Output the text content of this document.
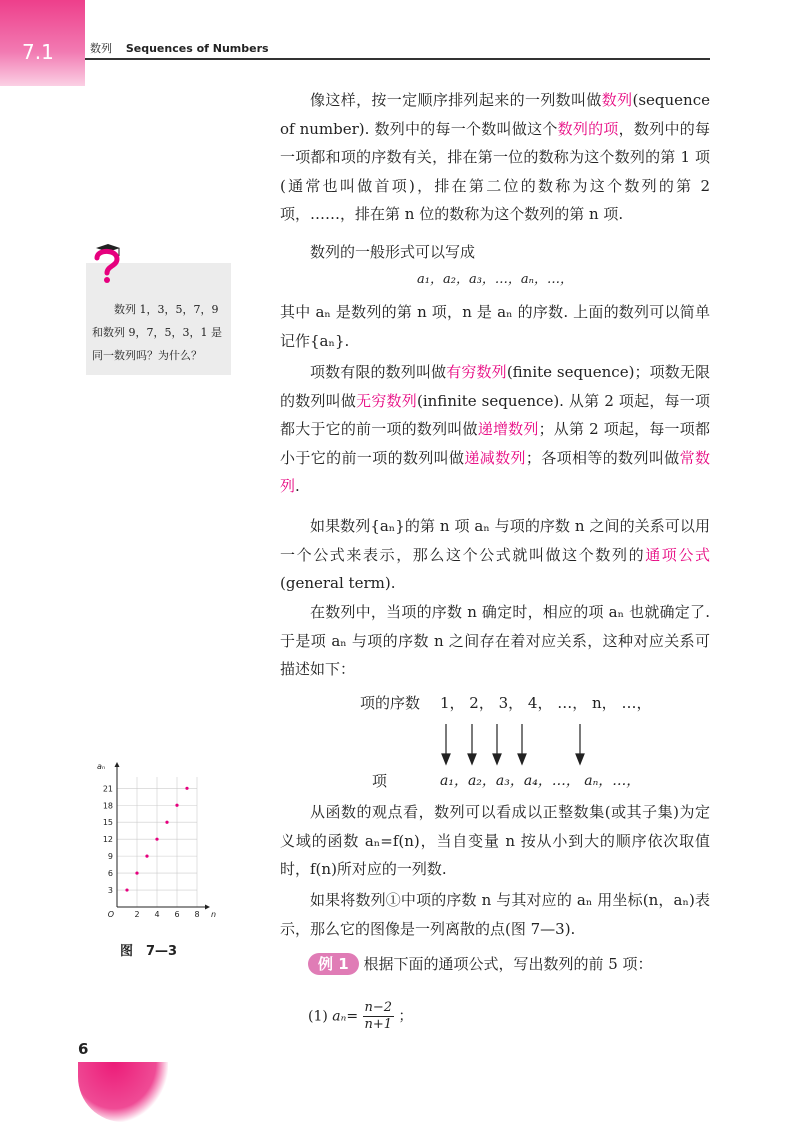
7.1	数列 Sequences of Numbers
像这样，按一定顺序排列起来的一列数叫做数列(sequence of number). 数列中的每一个数叫做这个数列的项，数列中的每一项都和项的序数有关，排在第一位的数称为这个数列的第 1 项(通常也叫做首项)，排在第二位的数称为这个数列的第 2 项，……，排在第 n 位的数称为这个数列的第 n 项.
数列的一般形式可以写成
a₁，a₂，a₃，…，aₙ，…，
其中 aₙ 是数列的第 n 项，n 是 aₙ 的序数. 上面的数列可以简单记作{aₙ}.
项数有限的数列叫做有穷数列(finite sequence)；项数无限的数列叫做无穷数列(infinite sequence). 从第 2 项起，每一项都大于它的前一项的数列叫做递增数列；从第 2 项起，每一项都小于它的前一项的数列叫做递减数列；各项相等的数列叫做常数列.
如果数列{aₙ}的第 n 项 aₙ 与项的序数 n 之间的关系可以用一个公式来表示，那么这个公式就叫做这个数列的通项公式(general term).
在数列中，当项的序数 n 确定时，相应的项 aₙ 也就确定了. 于是项 aₙ 与项的序数 n 之间存在着对应关系，这种对应关系可描述如下：
项的序数 1， 2， 3， 4， …， n， …，
项	a₁，a₂，a₃，a₄，…， aₙ，…，
从函数的观点看，数列可以看成以正整数集(或其子集)为定义域的函数 aₙ=f(n)，当自变量 n 按从小到大的顺序依次取值时，f(n)所对应的一列数.
如果将数列①中项的序数 n 与其对应的 aₙ 用坐标(n，aₙ)表示，那么它的图像是一列离散的点(图 7—3).
例 1 根据下面的通项公式，写出数列的前 5 项：
(1) $a_n= \frac{n-2}{n+1}$ ；
数列 1，3，5，7，9 和数列 9，7，5，3，1 是同一数列吗？为什么？
3
6
9
12
15
18
21
2 4 6 8
O	n
aₙ
图　7—3
6
